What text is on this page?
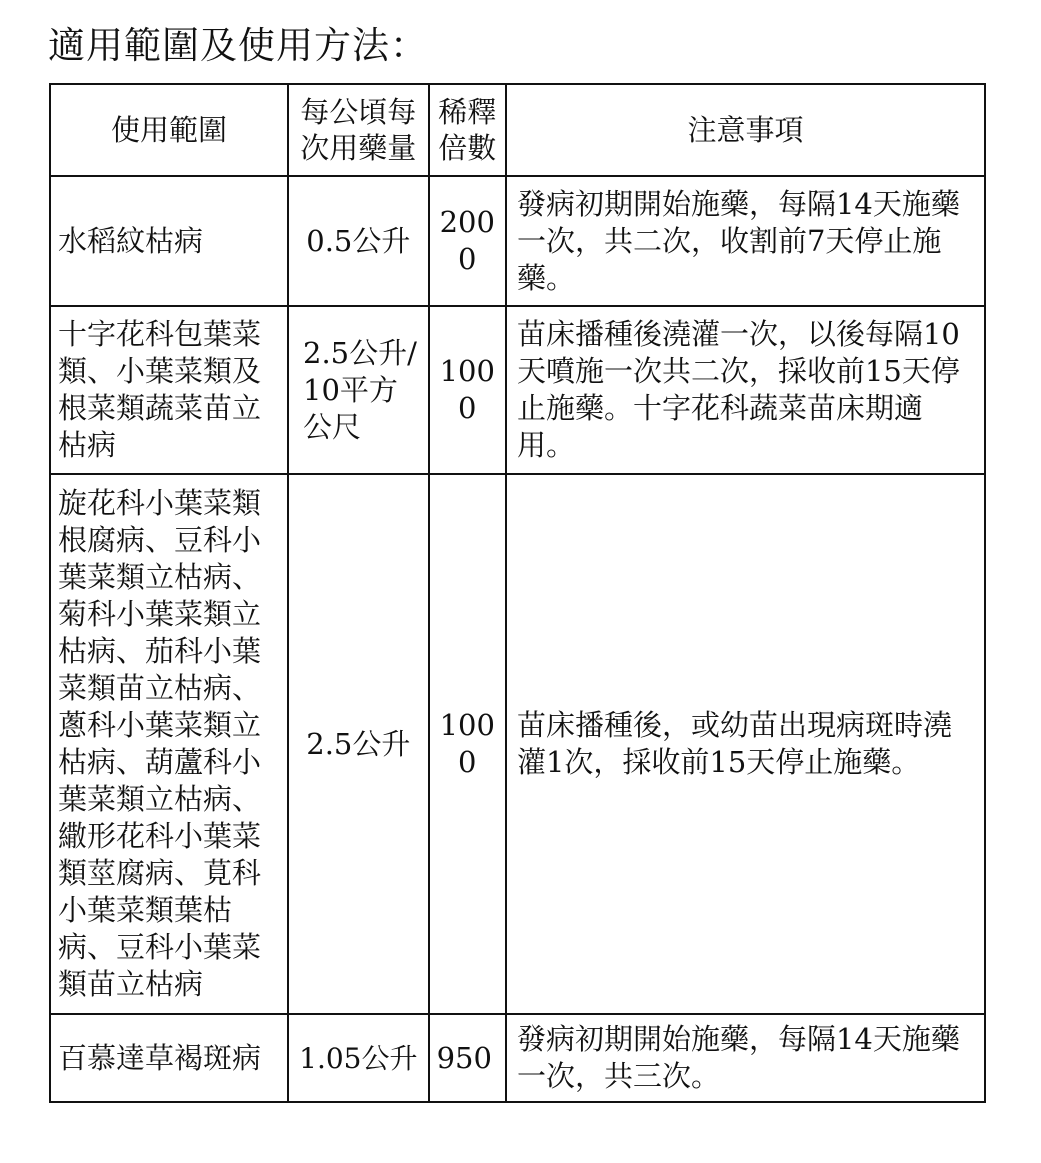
適用範圍及使用方法：
使用範圍	每公頃每次用藥量	稀釋倍數	注意事項
水稻紋枯病	0.5公升	2000	發病初期開始施藥，每隔14天施藥一次，共二次，收割前7天停止施藥。
十字花科包葉菜類、小葉菜類及根菜類蔬菜苗立枯病	2.5公升/10平方公尺	1000	苗床播種後澆灌一次，以後每隔10天噴施一次共二次，採收前15天停止施藥。十字花科蔬菜苗床期適用。
旋花科小葉菜類根腐病、豆科小葉菜類立枯病、菊科小葉菜類立枯病、茄科小葉菜類苗立枯病、蔥科小葉菜類立枯病、葫蘆科小葉菜類立枯病、繖形花科小葉菜類莖腐病、莧科小葉菜類葉枯病、豆科小葉菜類苗立枯病	2.5公升	1000	苗床播種後，或幼苗出現病斑時澆灌1次，採收前15天停止施藥。
百慕達草褐斑病	1.05公升	950	發病初期開始施藥，每隔14天施藥一次，共三次。
